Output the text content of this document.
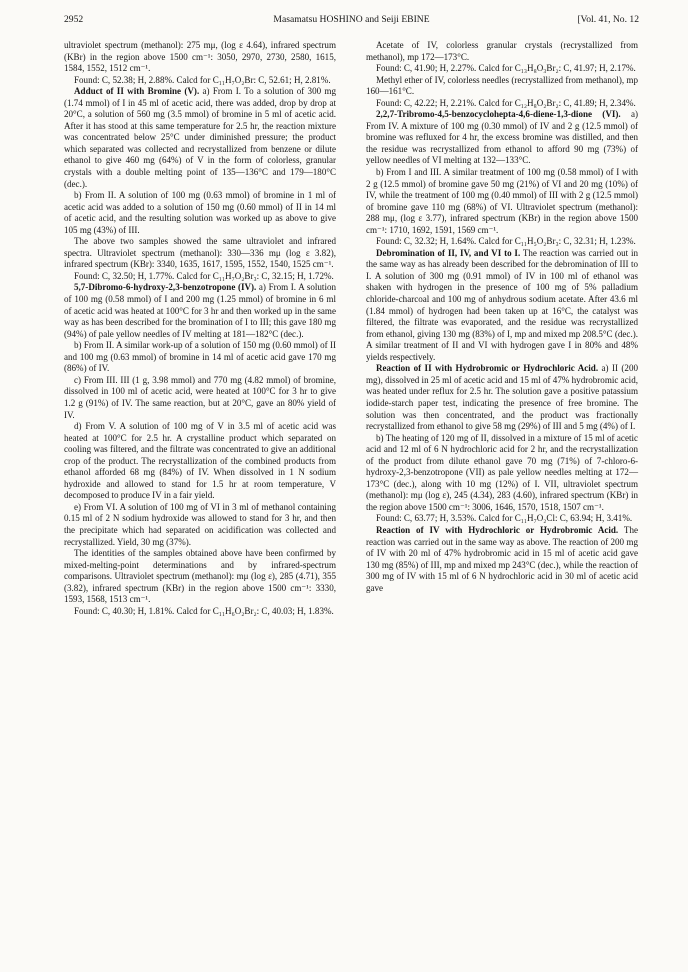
2952	Masamatsu HOSHINO and Seiji EBINE	[Vol. 41, No. 12

ultraviolet spectrum (methanol): 275 mμ, (log ε 4.64), infrared spectrum (KBr) in the region above 1500 cm⁻¹: 3050, 2970, 2730, 2580, 1615, 1584, 1552, 1512 cm⁻¹.

Found: C, 52.38; H, 2.88%. Calcd for C₁₁H₇O₂Br: C, 52.61; H, 2.81%.

Adduct of II with Bromine (V). a) From I. To a solution of 300 mg (1.74 mmol) of I in 45 ml of acetic acid, there was added, drop by drop at 20°C, a solution of 560 mg (3.5 mmol) of bromine in 5 ml of acetic acid. After it has stood at this same temperature for 2.5 hr, the reaction mixture was concentrated below 25°C under diminished pressure; the product which separated was collected and recrystallized from benzene or dilute ethanol to give 460 mg (64%) of V in the form of colorless, granular crystals with a double melting point of 135—136°C and 179—180°C (dec.).

b) From II. A solution of 100 mg (0.63 mmol) of bromine in 1 ml of acetic acid was added to a solution of 150 mg (0.60 mmol) of II in 14 ml of acetic acid, and the resulting solution was worked up as above to give 105 mg (43%) of III.

The above two samples showed the same ultraviolet and infrared spectra. Ultraviolet spectrum (methanol): 330—336 mμ (log ε 3.82), infrared spectrum (KBr): 3340, 1635, 1617, 1595, 1552, 1540, 1525 cm⁻¹.

Found: C, 32.50; H, 1.77%. Calcd for C₁₁H₇O₂Br₃: C, 32.15; H, 1.72%.

5,7-Dibromo-6-hydroxy-2,3-benzotropone (IV). a) From I. A solution of 100 mg (0.58 mmol) of I and 200 mg (1.25 mmol) of bromine in 6 ml of acetic acid was heated at 100°C for 3 hr and then worked up in the same way as has been described for the bromination of I to III; this gave 180 mg (94%) of pale yellow needles of IV melting at 181—182°C (dec.).

b) From II. A similar work-up of a solution of 150 mg (0.60 mmol) of II and 100 mg (0.63 mmol) of bromine in 14 ml of acetic acid gave 170 mg (86%) of IV.

c) From III. III (1 g, 3.98 mmol) and 770 mg (4.82 mmol) of bromine, dissolved in 100 ml of acetic acid, were heated at 100°C for 3 hr to give 1.2 g (91%) of IV. The same reaction, but at 20°C, gave an 80% yield of IV.

d) From V. A solution of 100 mg of V in 3.5 ml of acetic acid was heated at 100°C for 2.5 hr. A crystalline product which separated on cooling was filtered, and the filtrate was concentrated to give an additional crop of the product. The recrystallization of the combined products from ethanol afforded 68 mg (84%) of IV. When dissolved in 1 N sodium hydroxide and allowed to stand for 1.5 hr at room temperature, V decomposed to produce IV in a fair yield.

e) From VI. A solution of 100 mg of VI in 3 ml of methanol containing 0.15 ml of 2 N sodium hydroxide was allowed to stand for 3 hr, and then the precipitate which had separated on acidification was collected and recrystallized. Yield, 30 mg (37%).

The identities of the samples obtained above have been confirmed by mixed-melting-point determinations and by infrared-spectrum comparisons. Ultraviolet spectrum (methanol): mμ (log ε), 285 (4.71), 355 (3.82), infrared spectrum (KBr) in the region above 1500 cm⁻¹: 3330, 1593, 1568, 1513 cm⁻¹.

Found: C, 40.30; H, 1.81%. Calcd for C₁₁H₆O₂Br₂: C, 40.03; H, 1.83%.

Acetate of IV, colorless granular crystals (recrystallized from methanol), mp 172—173°C.

Found: C, 41.90; H, 2.27%. Calcd for C₁₃H₈O₃Br₂: C, 41.97; H, 2.17%.

Methyl ether of IV, colorless needles (recrystallized from methanol), mp 160—161°C.

Found: C, 42.22; H, 2.21%. Calcd for C₁₂H₈O₂Br₂: C, 41.89; H, 2.34%.

2,2,7-Tribromo-4,5-benzocyclohepta-4,6-diene-1,3-dione (VI). a) From IV. A mixture of 100 mg (0.30 mmol) of IV and 2 g (12.5 mmol) of bromine was refluxed for 4 hr, the excess bromine was distilled, and then the residue was recrystallized from ethanol to afford 90 mg (73%) of yellow needles of VI melting at 132—133°C.

b) From I and III. A similar treatment of 100 mg (0.58 mmol) of I with 2 g (12.5 mmol) of bromine gave 50 mg (21%) of VI and 20 mg (10%) of IV, while the treatment of 100 mg (0.40 mmol) of III with 2 g (12.5 mmol) of bromine gave 110 mg (68%) of VI. Ultraviolet spectrum (methanol): 288 mμ, (log ε 3.77), infrared spectrum (KBr) in the region above 1500 cm⁻¹: 1710, 1692, 1591, 1569 cm⁻¹.

Found: C, 32.32; H, 1.64%. Calcd for C₁₁H₅O₂Br₃: C, 32.31; H, 1.23%.

Debromination of II, IV, and VI to I. The reaction was carried out in the same way as has already been described for the debromination of III to I. A solution of 300 mg (0.91 mmol) of IV in 100 ml of ethanol was shaken with hydrogen in the presence of 100 mg of 5% palladium chloride-charcoal and 100 mg of anhydrous sodium acetate. After 43.6 ml (1.84 mmol) of hydrogen had been taken up at 16°C, the catalyst was filtered, the filtrate was evaporated, and the residue was recrystallized from ethanol, giving 130 mg (83%) of I, mp and mixed mp 208.5°C (dec.). A similar treatment of II and VI with hydrogen gave I in 80% and 48% yields respectively.

Reaction of II with Hydrobromic or Hydrochloric Acid. a) II (200 mg), dissolved in 25 ml of acetic acid and 15 ml of 47% hydrobromic acid, was heated under reflux for 2.5 hr. The solution gave a positive patassium iodide-starch paper test, indicating the presence of free bromine. The solution was then concentrated, and the product was fractionally recrystallized from ethanol to give 58 mg (29%) of III and 5 mg (4%) of I.

b) The heating of 120 mg of II, dissolved in a mixture of 15 ml of acetic acid and 12 ml of 6 N hydrochloric acid for 2 hr, and the recrystallization of the product from dilute ethanol gave 70 mg (71%) of 7-chloro-6-hydroxy-2,3-benzotropone (VII) as pale yellow needles melting at 172—173°C (dec.), along with 10 mg (12%) of I. VII, ultraviolet spectrum (methanol): mμ (log ε), 245 (4.34), 283 (4.60), infrared spectrum (KBr) in the region above 1500 cm⁻¹: 3006, 1646, 1570, 1518, 1507 cm⁻¹.

Found: C, 63.77; H, 3.53%. Calcd for C₁₁H₇O₂Cl: C, 63.94; H, 3.41%.

Reaction of IV with Hydrochloric or Hydrobromic Acid. The reaction was carried out in the same way as above. The reaction of 200 mg of IV with 20 ml of 47% hydrobromic acid in 15 ml of acetic acid gave 130 mg (85%) of III, mp and mixed mp 243°C (dec.), while the reaction of 300 mg of IV with 15 ml of 6 N hydrochloric acid in 30 ml of acetic acid gave
